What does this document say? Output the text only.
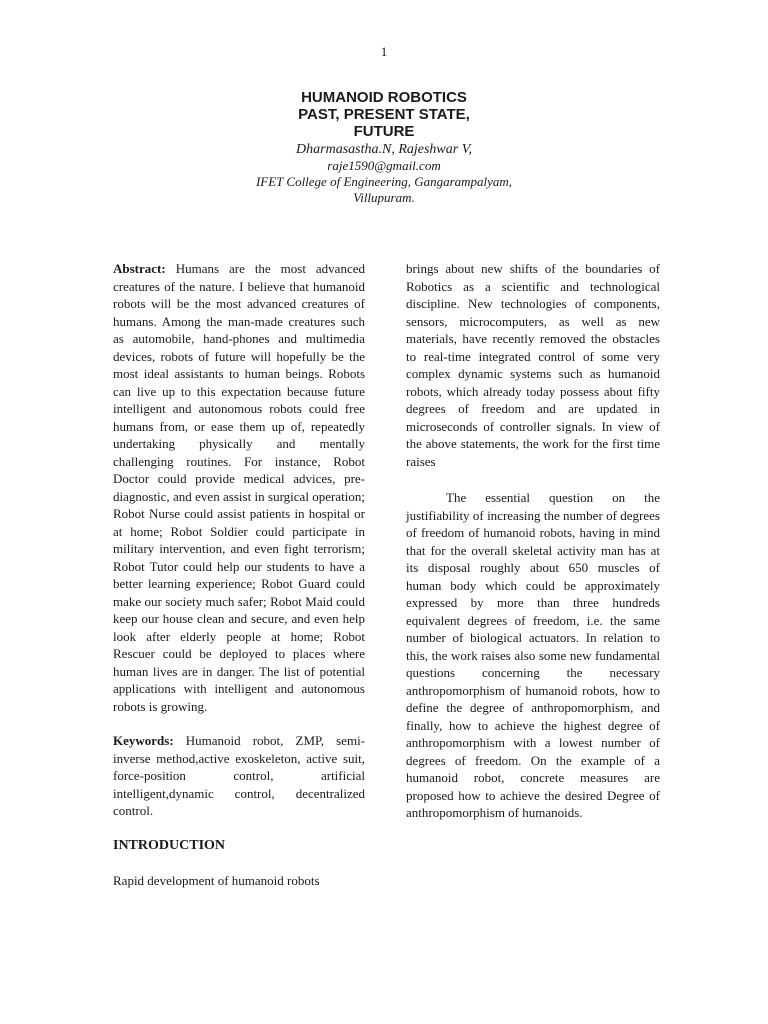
1

HUMANOID ROBOTICS

PAST, PRESENT STATE,

FUTURE

Dharmasastha.N, Rajeshwar V,
raje1590@gmail.com
IFET College of Engineering, Gangarampalyam,
Villupuram.

Abstract: Humans are the most advanced creatures of the nature. I believe that humanoid robots will be the most advanced creatures of humans. Among the man-made creatures such as automobile, hand-phones and multimedia devices, robots of future will hopefully be the most ideal assistants to human beings. Robots can live up to this expectation because future intelligent and autonomous robots could free humans from, or ease them up of, repeatedly undertaking physically and mentally challenging routines. For instance, Robot Doctor could provide medical advices, pre-diagnostic, and even assist in surgical operation; Robot Nurse could assist patients in hospital or at home; Robot Soldier could participate in military intervention, and even fight terrorism; Robot Tutor could help our students to have a better learning experience; Robot Guard could make our society much safer; Robot Maid could keep our house clean and secure, and even help look after elderly people at home; Robot Rescuer could be deployed to places where human lives are in danger. The list of potential applications with intelligent and autonomous robots is growing.

Keywords: Humanoid robot, ZMP, semi- inverse method,active exoskeleton, active suit, force-position control, artificial intelligent,dynamic control, decentralized control.

INTRODUCTION

Rapid development of humanoid robots

brings about new shifts of the boundaries of Robotics as a scientific and technological discipline. New technologies of components, sensors, microcomputers, as well as new materials, have recently removed the obstacles to real-time integrated control of some very complex dynamic systems such as humanoid robots, which already today possess about fifty degrees of freedom and are updated in microseconds of controller signals. In view of the above statements, the work for the first time raises

The essential question on the justifiability of increasing the number of degrees of freedom of humanoid robots, having in mind that for the overall skeletal activity man has at its disposal roughly about 650 muscles of human body which could be approximately expressed by more than three hundreds equivalent degrees of freedom, i.e. the same number of biological actuators. In relation to this, the work raises also some new fundamental questions concerning the necessary anthropomorphism of humanoid robots, how to define the degree of anthropomorphism, and finally, how to achieve the highest degree of anthropomorphism with a lowest number of degrees of freedom. On the example of a humanoid robot, concrete measures are proposed how to achieve the desired Degree of anthropomorphism of humanoids.
